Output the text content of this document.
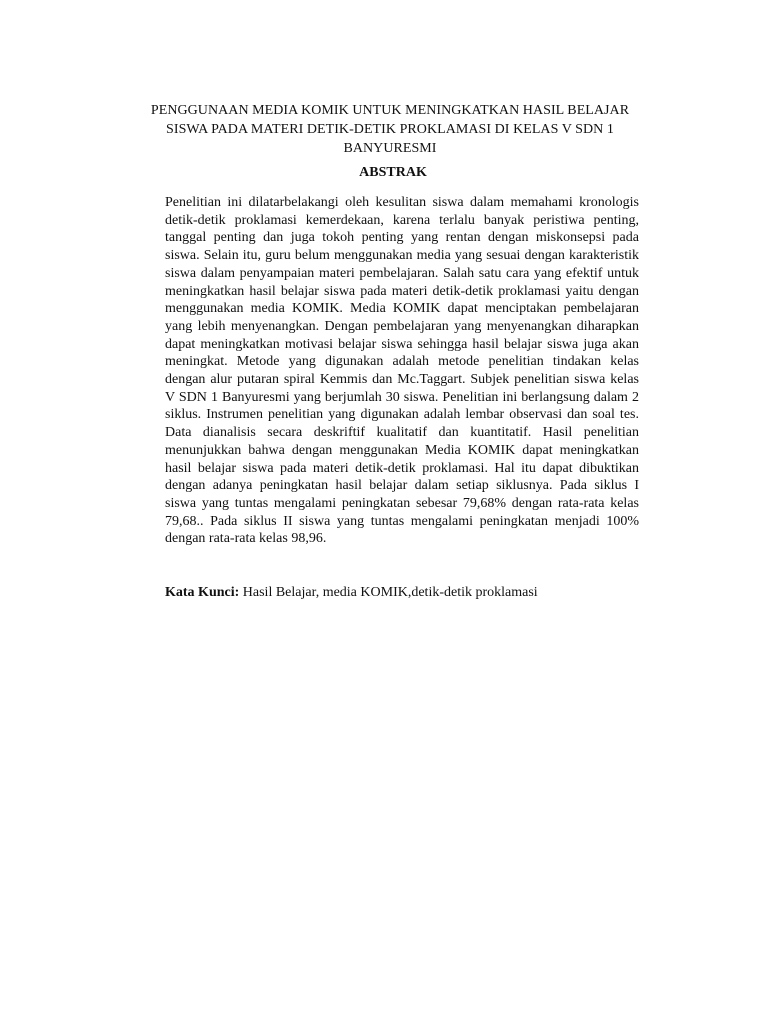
PENGGUNAAN MEDIA KOMIK UNTUK MENINGKATKAN HASIL BELAJAR
SISWA PADA MATERI DETIK-DETIK PROKLAMASI DI KELAS V SDN 1
BANYURESMI
ABSTRAK
Penelitian ini dilatarbelakangi oleh kesulitan siswa dalam memahami kronologis
detik-detik proklamasi kemerdekaan, karena terlalu banyak peristiwa penting,
tanggal penting dan juga tokoh penting yang rentan dengan miskonsepsi pada
siswa. Selain itu, guru belum menggunakan media yang sesuai dengan karakteristik
siswa dalam penyampaian materi pembelajaran. Salah satu cara yang efektif untuk
meningkatkan hasil belajar siswa pada materi detik-detik proklamasi yaitu dengan
menggunakan media KOMIK. Media KOMIK dapat menciptakan pembelajaran
yang lebih menyenangkan. Dengan pembelajaran yang menyenangkan diharapkan
dapat meningkatkan motivasi belajar siswa sehingga hasil belajar siswa juga akan
meningkat. Metode yang digunakan adalah metode penelitian tindakan kelas
dengan alur putaran spiral Kemmis dan Mc.Taggart. Subjek penelitian siswa kelas
V SDN 1 Banyuresmi yang berjumlah 30 siswa. Penelitian ini berlangsung dalam 2
siklus. Instrumen penelitian yang digunakan adalah lembar observasi dan soal tes.
Data dianalisis secara deskriftif kualitatif dan kuantitatif. Hasil penelitian
menunjukkan bahwa dengan menggunakan Media KOMIK dapat meningkatkan
hasil belajar siswa pada materi detik-detik proklamasi. Hal itu dapat dibuktikan
dengan adanya peningkatan hasil belajar dalam setiap siklusnya. Pada siklus I
siswa yang tuntas mengalami peningkatan sebesar 79,68% dengan rata-rata kelas
79,68.. Pada siklus II siswa yang tuntas mengalami peningkatan menjadi 100%
dengan rata-rata kelas 98,96.
Kata Kunci: Hasil Belajar, media KOMIK,detik-detik proklamasi
